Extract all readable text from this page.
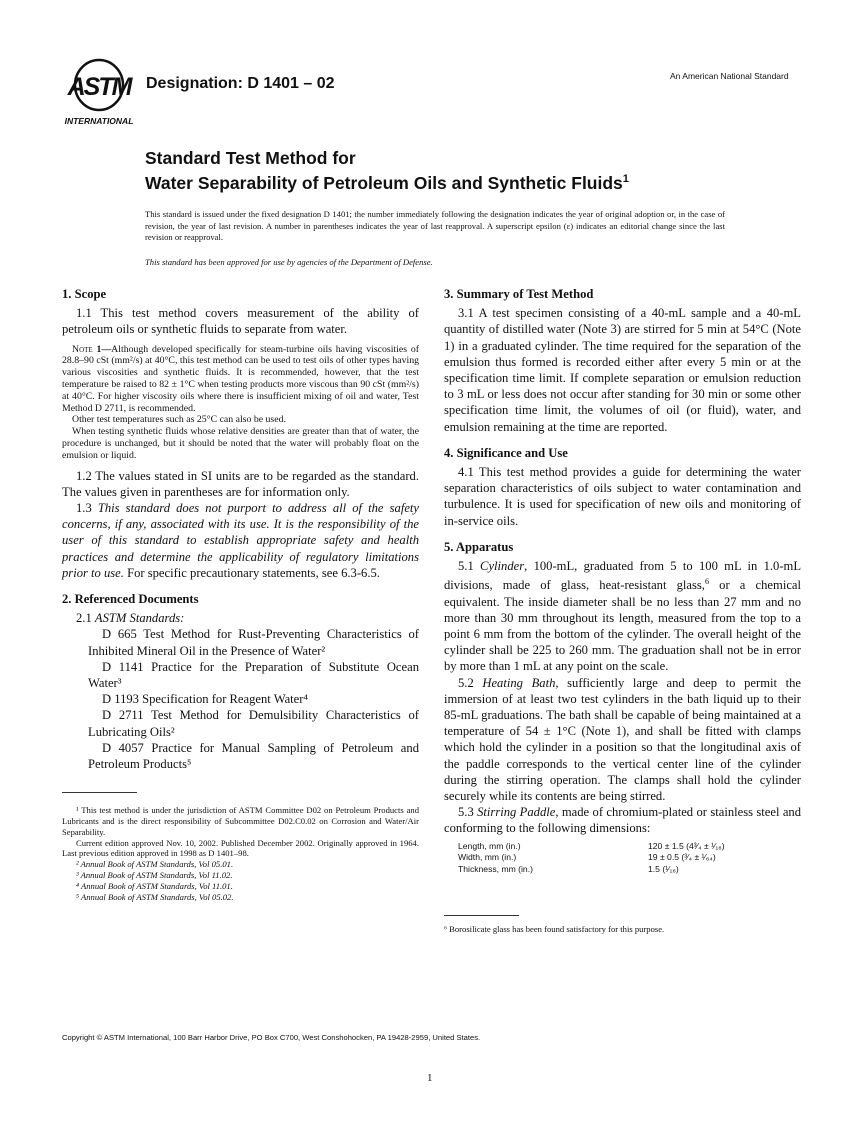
ASTM
INTERNATIONAL
Designation: D 1401 – 02	An American National Standard
Standard Test Method for
Water Separability of Petroleum Oils and Synthetic Fluids$^1$
This standard is issued under the fixed designation D 1401; the number immediately following the designation indicates the year of original adoption or, in the case of revision, the year of last revision. A number in parentheses indicates the year of last reapproval. A superscript epsilon (ε) indicates an editorial change since the last revision or reapproval.
This standard has been approved for use by agencies of the Department of Defense.
1. Scope

1.1 This test method covers measurement of the ability of petroleum oils or synthetic fluids to separate from water.

Note 1—Although developed specifically for steam-turbine oils having viscosities of 28.8–90 cSt (mm²/s) at 40°C, this test method can be used to test oils of other types having various viscosities and synthetic fluids. It is recommended, however, that the test temperature be raised to 82 ± 1°C when testing products more viscous than 90 cSt (mm²/s) at 40°C. For higher viscosity oils where there is insufficient mixing of oil and water, Test Method D 2711, is recommended.

Other test temperatures such as 25°C can also be used.

When testing synthetic fluids whose relative densities are greater than that of water, the procedure is unchanged, but it should be noted that the water will probably float on the emulsion or liquid.

1.2 The values stated in SI units are to be regarded as the standard. The values given in parentheses are for information only.

1.3 This standard does not purport to address all of the safety concerns, if any, associated with its use. It is the responsibility of the user of this standard to establish appropriate safety and health practices and determine the applicability of regulatory limitations prior to use. For specific precautionary statements, see 6.3-6.5.

2. Referenced Documents

2.1 ASTM Standards:

D 665 Test Method for Rust-Preventing Characteristics of Inhibited Mineral Oil in the Presence of Water²

D 1141 Practice for the Preparation of Substitute Ocean Water³

D 1193 Specification for Reagent Water⁴

D 2711 Test Method for Demulsibility Characteristics of Lubricating Oils²

D 4057 Practice for Manual Sampling of Petroleum and Petroleum Products⁵

¹ This test method is under the jurisdiction of ASTM Committee D02 on Petroleum Products and Lubricants and is the direct responsibility of Subcommittee D02.C0.02 on Corrosion and Water/Air Separability.

Current edition approved Nov. 10, 2002. Published December 2002. Originally approved in 1964. Last previous edition approved in 1998 as D 1401–98.

² Annual Book of ASTM Standards, Vol 05.01.

³ Annual Book of ASTM Standards, Vol 11.02.

⁴ Annual Book of ASTM Standards, Vol 11.01.

⁵ Annual Book of ASTM Standards, Vol 05.02.

3. Summary of Test Method

3.1 A test specimen consisting of a 40-mL sample and a 40-mL quantity of distilled water (Note 3) are stirred for 5 min at 54°C (Note 1) in a graduated cylinder. The time required for the separation of the emulsion thus formed is recorded either after every 5 min or at the specification time limit. If complete separation or emulsion reduction to 3 mL or less does not occur after standing for 30 min or some other specification time limit, the volumes of oil (or fluid), water, and emulsion remaining at the time are reported.

4. Significance and Use

4.1 This test method provides a guide for determining the water separation characteristics of oils subject to water contamination and turbulence. It is used for specification of new oils and monitoring of in-service oils.

5. Apparatus

5.1 Cylinder, 100-mL, graduated from 5 to 100 mL in 1.0-mL divisions, made of glass, heat-resistant glass,$^6$ or a chemical equivalent. The inside diameter shall be no less than 27 mm and no more than 30 mm throughout its length, measured from the top to a point 6 mm from the bottom of the cylinder. The overall height of the cylinder shall be 225 to 260 mm. The graduation shall not be in error by more than 1 mL at any point on the scale.

5.2 Heating Bath, sufficiently large and deep to permit the immersion of at least two test cylinders in the bath liquid up to their 85-mL graduations. The bath shall be capable of being maintained at a temperature of 54 ± 1°C (Note 1), and shall be fitted with clamps which hold the cylinder in a position so that the longitudinal axis of the paddle corresponds to the vertical center line of the cylinder during the stirring operation. The clamps shall hold the cylinder securely while its contents are being stirred.

5.3 Stirring Paddle, made of chromium-plated or stainless steel and conforming to the following dimensions:

Length, mm (in.)	120 ± 1.5 (4³⁄₄ ± ¹⁄₁₆)
Width, mm (in.)	19 ± 0.5 (³⁄₄ ± ¹⁄₆₄)
Thickness, mm (in.)	1.5 (¹⁄₁₆)
⁶ Borosilicate glass has been found satisfactory for this purpose.
Copyright © ASTM International, 100 Barr Harbor Drive, PO Box C700, West Conshohocken, PA 19428-2959, United States.
1
